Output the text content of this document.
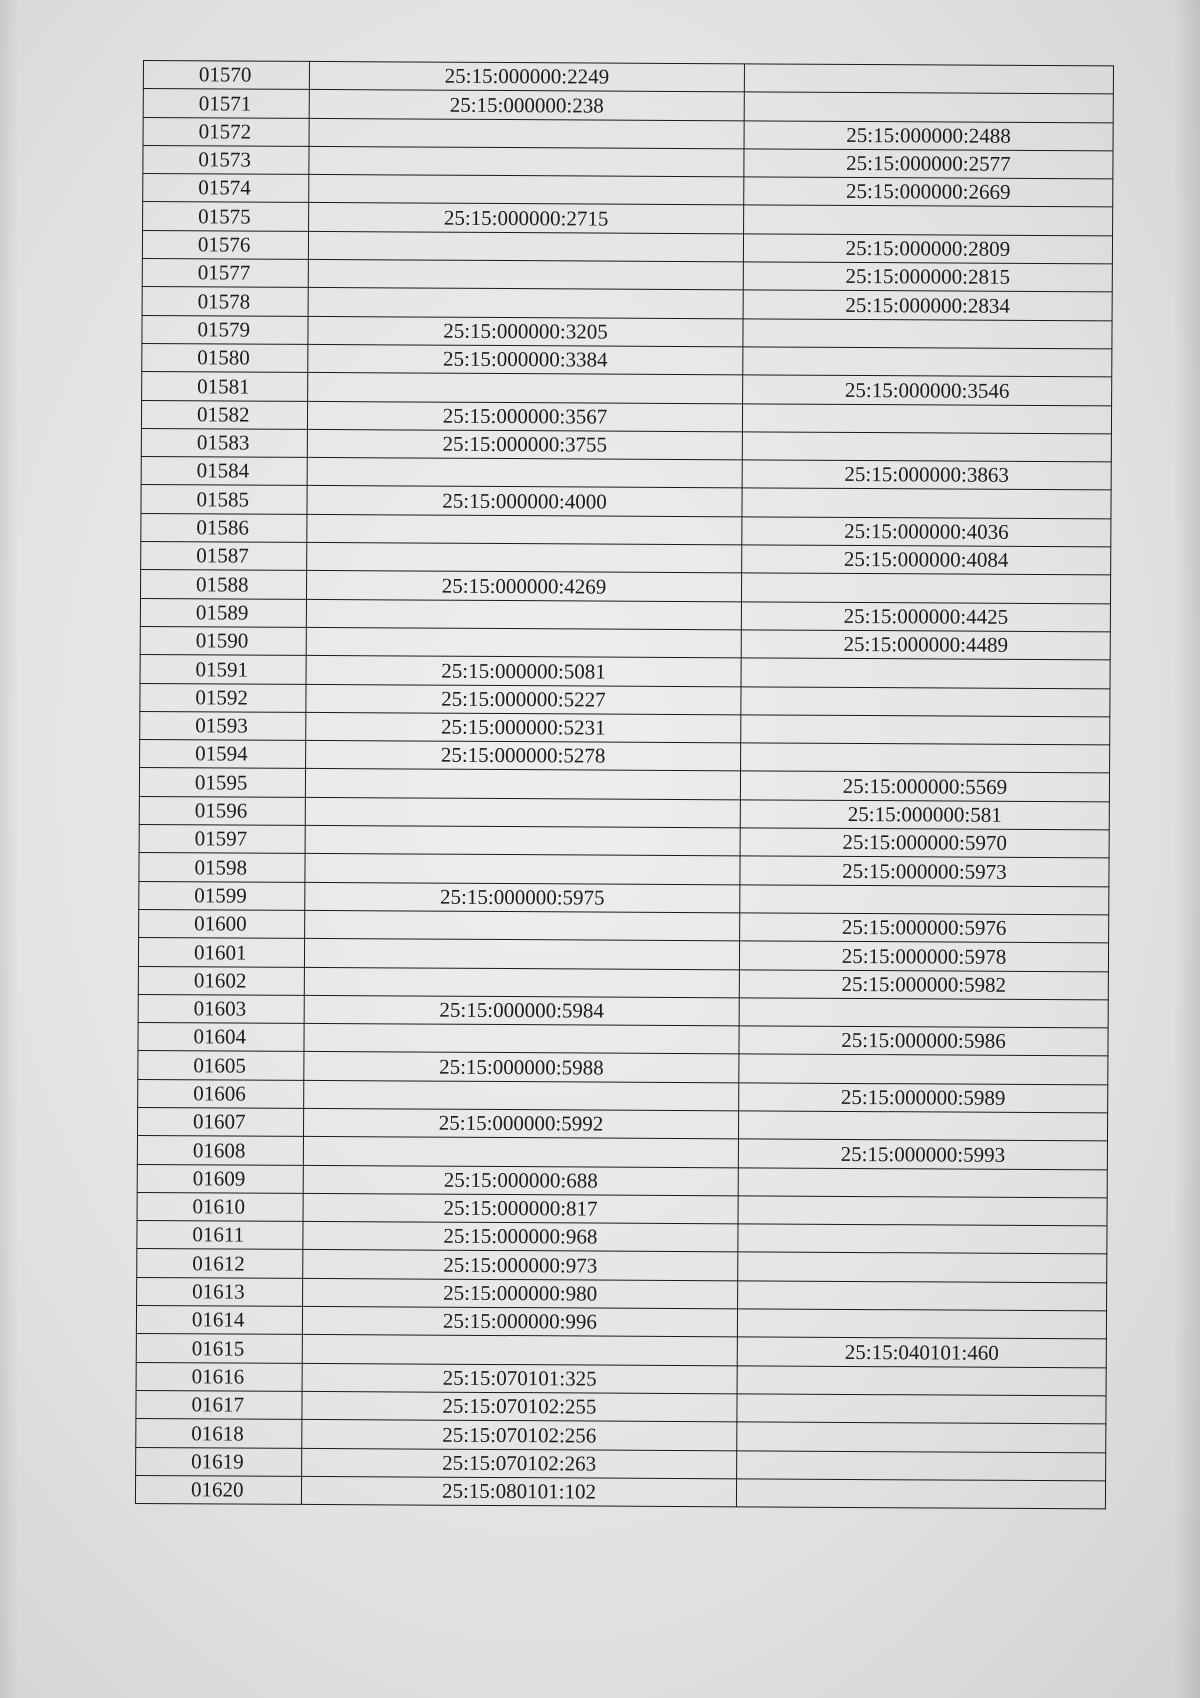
01570	25:15:000000:2249	
01571	25:15:000000:238	
01572		25:15:000000:2488
01573		25:15:000000:2577
01574		25:15:000000:2669
01575	25:15:000000:2715	
01576		25:15:000000:2809
01577		25:15:000000:2815
01578		25:15:000000:2834
01579	25:15:000000:3205	
01580	25:15:000000:3384	
01581		25:15:000000:3546
01582	25:15:000000:3567	
01583	25:15:000000:3755	
01584		25:15:000000:3863
01585	25:15:000000:4000	
01586		25:15:000000:4036
01587		25:15:000000:4084
01588	25:15:000000:4269	
01589		25:15:000000:4425
01590		25:15:000000:4489
01591	25:15:000000:5081	
01592	25:15:000000:5227	
01593	25:15:000000:5231	
01594	25:15:000000:5278	
01595		25:15:000000:5569
01596		25:15:000000:581
01597		25:15:000000:5970
01598		25:15:000000:5973
01599	25:15:000000:5975	
01600		25:15:000000:5976
01601		25:15:000000:5978
01602		25:15:000000:5982
01603	25:15:000000:5984	
01604		25:15:000000:5986
01605	25:15:000000:5988	
01606		25:15:000000:5989
01607	25:15:000000:5992	
01608		25:15:000000:5993
01609	25:15:000000:688	
01610	25:15:000000:817	
01611	25:15:000000:968	
01612	25:15:000000:973	
01613	25:15:000000:980	
01614	25:15:000000:996	
01615		25:15:040101:460
01616	25:15:070101:325	
01617	25:15:070102:255	
01618	25:15:070102:256	
01619	25:15:070102:263	
01620	25:15:080101:102	
